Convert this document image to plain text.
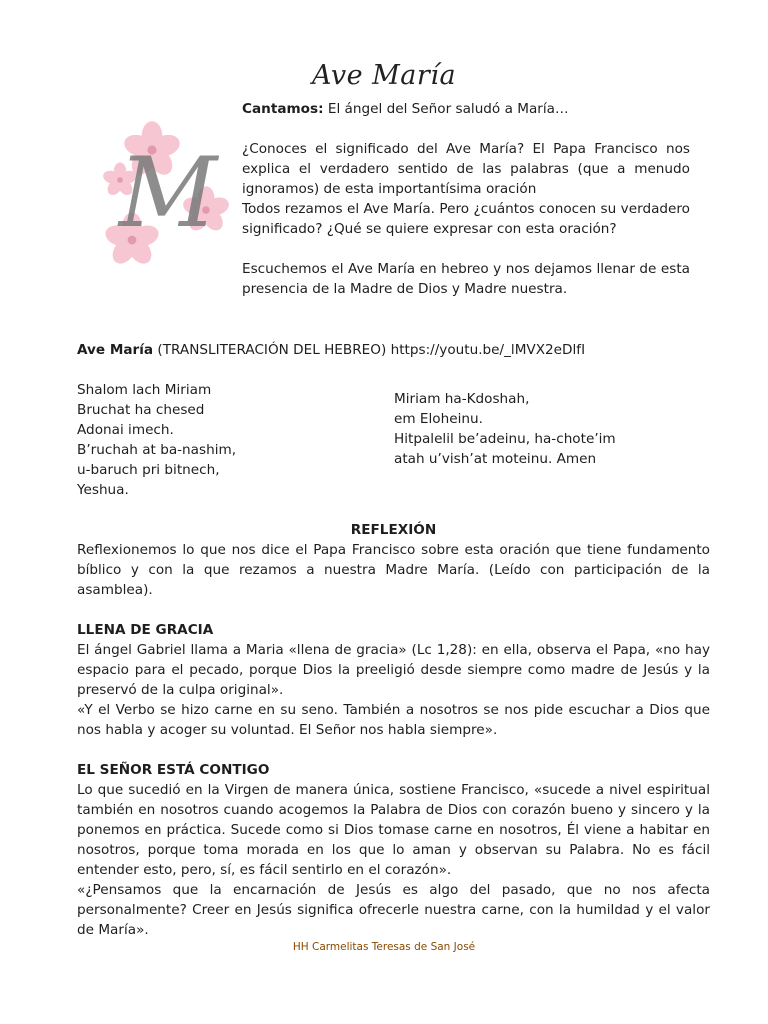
Ave María
M

Cantamos: El ángel del Señor saludó a María…

¿Conoces el significado del Ave María? El Papa Francisco nos explica el verdadero sentido de las palabras (que a menudo ignoramos) de esta importantísima oración

Todos rezamos el Ave María. Pero ¿cuántos conocen su verdadero significado? ¿Qué se quiere expresar con esta oración?

Escuchemos el Ave María en hebreo y nos dejamos llenar de esta presencia de la Madre de Dios y Madre nuestra.

Ave María (TRANSLITERACIÓN DEL HEBREO) https://youtu.be/_lMVX2eDlfI
Shalom lach Miriam
Bruchat ha chesed
Adonai imech.
B’ruchah at ba-nashim,
u-baruch pri bitnech,
Yeshua.
Miriam ha-Kdoshah,
em Eloheinu.
Hitpalelil be’adeinu, ha-chote’im
atah u’vish’at moteinu. Amen

REFLEXIÓN

Reflexionemos lo que nos dice el Papa Francisco sobre esta oración que tiene fundamento bíblico y con la que rezamos a nuestra Madre María. (Leído con participación de la asamblea).

LLENA DE GRACIA

El ángel Gabriel llama a Maria «llena de gracia» (Lc 1,28): en ella, observa el Papa, «no hay espacio para el pecado, porque Dios la preeligió desde siempre como madre de Jesús y la preservó de la culpa original».

«Y el Verbo se hizo carne en su seno. También a nosotros se nos pide escuchar a Dios que nos habla y acoger su voluntad. El Señor nos habla siempre».

EL SEÑOR ESTÁ CONTIGO

Lo que sucedió en la Virgen de manera única, sostiene Francisco, «sucede a nivel espiritual también en nosotros cuando acogemos la Palabra de Dios con corazón bueno y sincero y la ponemos en práctica. Sucede como si Dios tomase carne en nosotros, Él viene a habitar en nosotros, porque toma morada en los que lo aman y observan su Palabra. No es fácil entender esto, pero, sí, es fácil sentirlo en el corazón».

«¿Pensamos que la encarnación de Jesús es algo del pasado, que no nos afecta personalmente? Creer en Jesús significa ofrecerle nuestra carne, con la humildad y el valor de María».

HH Carmelitas Teresas de San José
